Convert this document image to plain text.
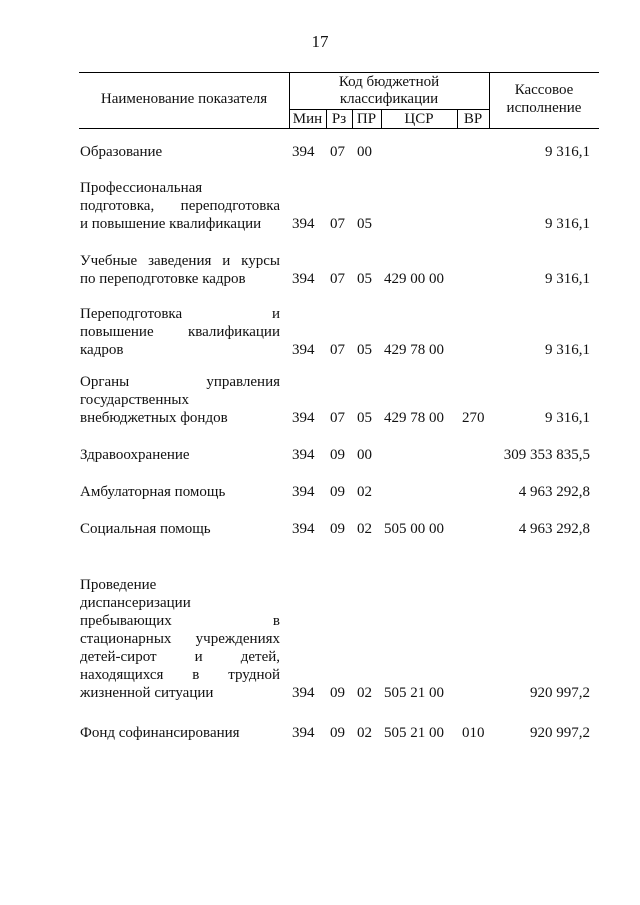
17
Наименование показателя
Код бюджетной
классификации
Мин Рз ПР	ЦСР	ВР
Кассовое
исполнение
Образование	394 07 00	9 316,1
Профессиональная
подготовка, переподготовка
и повышение квалификации	394 07 05	9 316,1
Учебные заведения и курсы
по переподготовке кадров	394 07 05 429 00 00	9 316,1
Переподготовка и
повышение квалификации
кадров	394 07 05 429 78 00	9 316,1
Органы управления
государственных
внебюджетных фондов	394 07 05 429 78 00 270	9 316,1
Здравоохранение	394 09 00	309 353 835,5
Амбулаторная помощь	394 09 02	4 963 292,8
Социальная помощь	394 09 02 505 00 00	4 963 292,8
Проведение
диспансеризации
пребывающих в
стационарных учреждениях
детей-сирот и детей,
находящихся в трудной
жизненной ситуации	394 09 02 505 21 00	920 997,2
Фонд софинансирования	394 09 02 505 21 00 010	920 997,2
